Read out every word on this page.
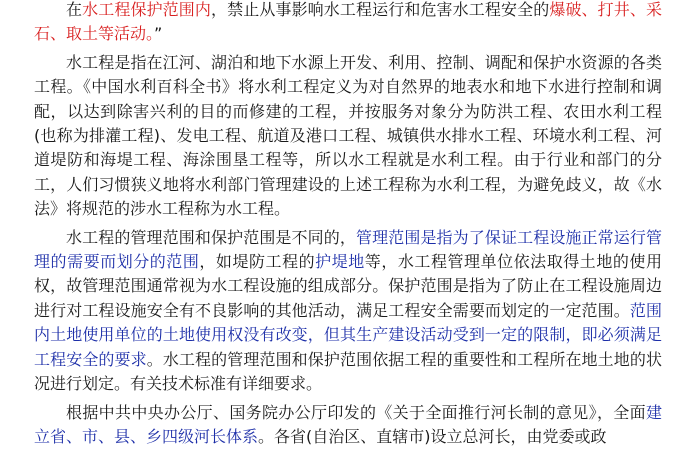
在水工程保护范围内，禁止从事影响水工程运行和危害水工程安全的爆破、打井、采石、取土等活动。”

水工程是指在江河、湖泊和地下水源上开发、利用、控制、调配和保护水资源的各类工程。《中国水利百科全书》将水利工程定义为对自然界的地表水和地下水进行控制和调配，以达到除害兴利的目的而修建的工程，并按服务对象分为防洪工程、农田水利工程(也称为排灌工程)、发电工程、航道及港口工程、城镇供水排水工程、环境水利工程、河道堤防和海堤工程、海涂围垦工程等，所以水工程就是水利工程。由于行业和部门的分工，人们习惯狭义地将水利部门管理建设的上述工程称为水利工程，为避免歧义，故《水法》将规范的涉水工程称为水工程。

水工程的管理范围和保护范围是不同的，管理范围是指为了保证工程设施正常运行管理的需要而划分的范围，如堤防工程的护堤地等，水工程管理单位依法取得土地的使用权，故管理范围通常视为水工程设施的组成部分。保护范围是指为了防止在工程设施周边进行对工程设施安全有不良影响的其他活动，满足工程安全需要而划定的一定范围。范围内土地使用单位的土地使用权没有改变，但其生产建设活动受到一定的限制，即必须满足工程安全的要求。水工程的管理范围和保护范围依据工程的重要性和工程所在地土地的状况进行划定。有关技术标准有详细要求。

根据中共中央办公厅、国务院办公厅印发的《关于全面推行河长制的意见》，全面建立省、市、县、乡四级河长体系。各省(自治区、直辖市)设立总河长，由党委或政
